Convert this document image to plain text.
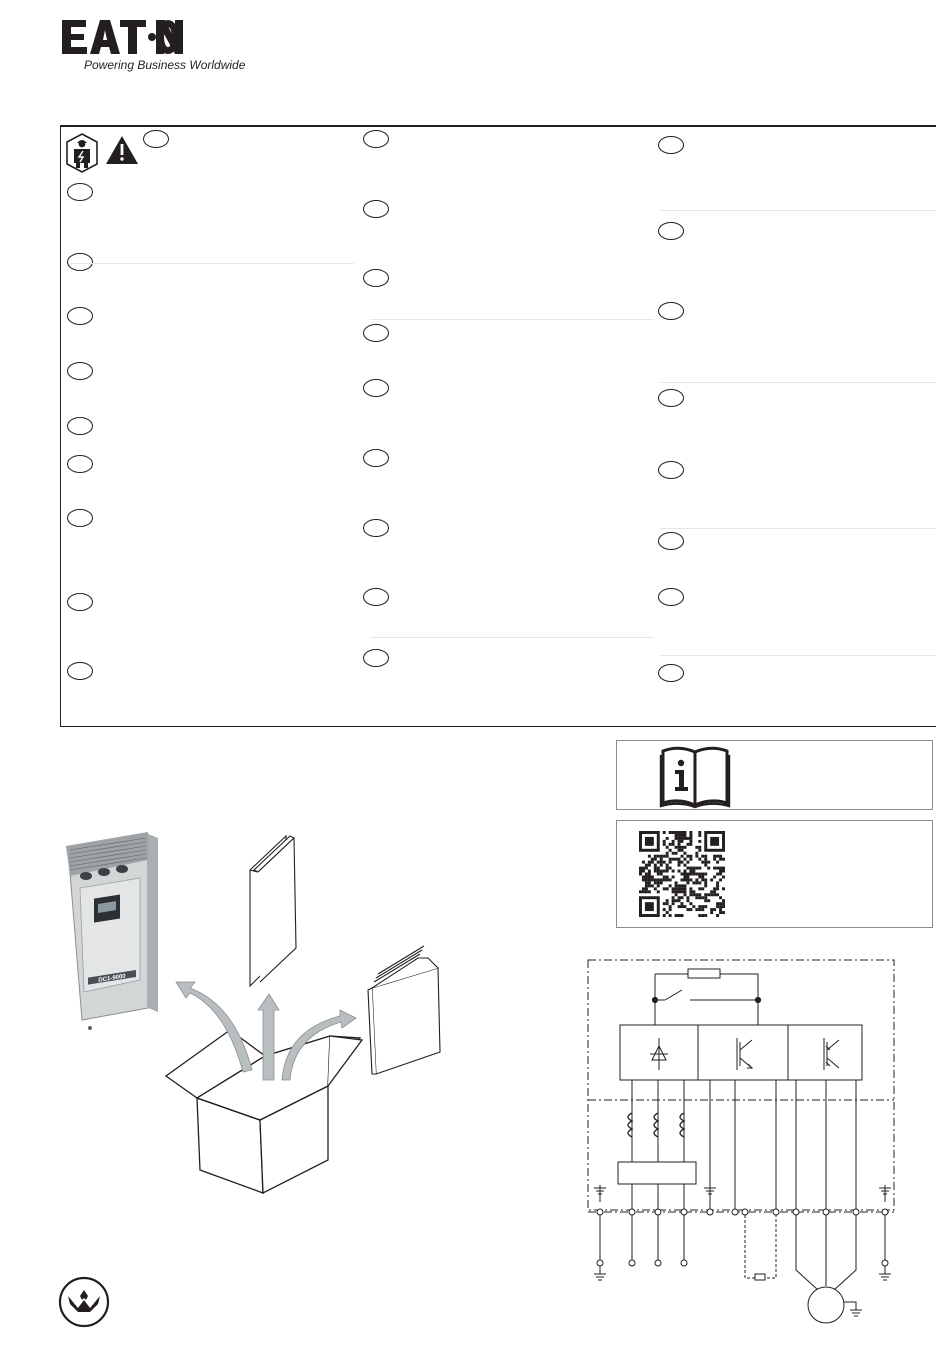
Powering Business Worldwide
DC1-9000
